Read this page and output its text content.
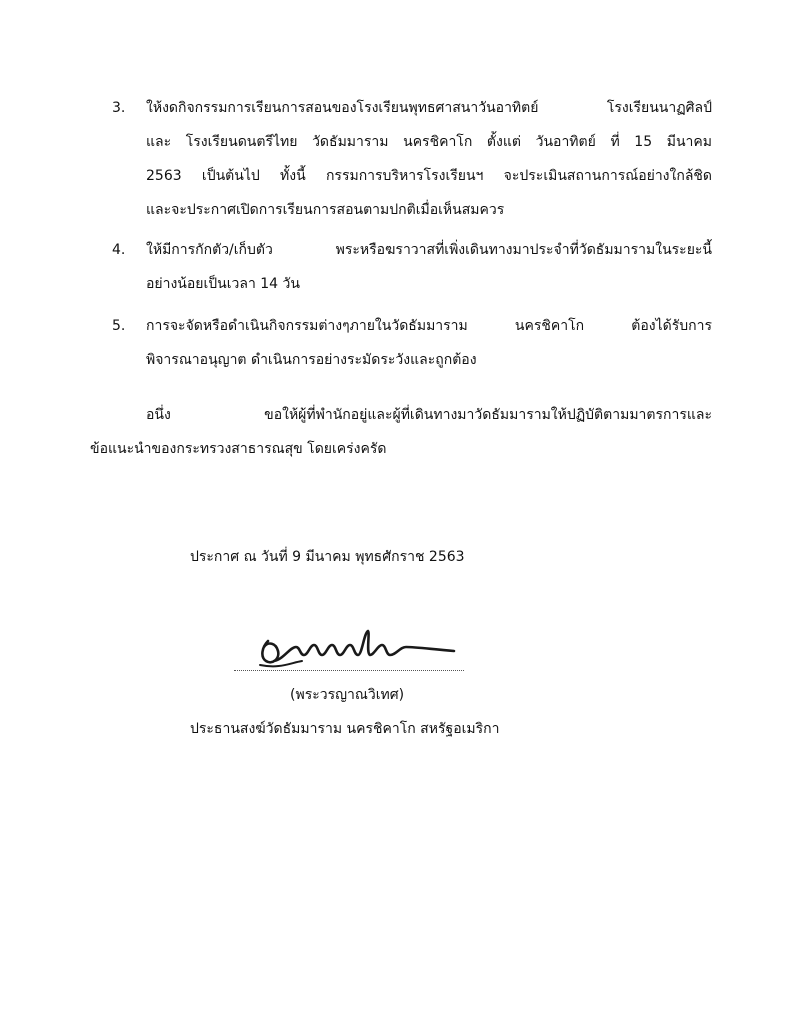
3. ให้งดกิจกรรมการเรียนการสอนของโรงเรียนพุทธศาสนาวันอาทิตย์ โรงเรียนนาฏศิลป์
และ โรงเรียนดนตรีไทย วัดธัมมาราม นครชิคาโก ตั้งแต่ วันอาทิตย์ ที่ 15 มีนาคม
2563 เป็นต้นไป ทั้งนี้ กรรมการบริหารโรงเรียนฯ จะประเมินสถานการณ์อย่างใกล้ชิด
และจะประกาศเปิดการเรียนการสอนตามปกติเมื่อเห็นสมควร
4. ให้มีการกักตัว/เก็บตัว พระหรือฆราวาสที่เพิ่งเดินทางมาประจำที่วัดธัมมารามในระยะนี้
อย่างน้อยเป็นเวลา 14 วัน
5. การจะจัดหรือดำเนินกิจกรรมต่างๆภายในวัดธัมมาราม นครชิคาโก ต้องได้รับการ
พิจารณาอนุญาต ดำเนินการอย่างระมัดระวังและถูกต้อง
อนึ่ง ขอให้ผู้ที่พำนักอยู่และผู้ที่เดินทางมาวัดธัมมารามให้ปฏิบัติตามมาตรการและ
ข้อแนะนำของกระทรวงสาธารณสุข โดยเคร่งครัด
ประกาศ ณ วันที่ 9 มีนาคม พุทธศักราช 2563
(พระวรญาณวิเทศ)
ประธานสงฆ์วัดธัมมาราม นครชิคาโก สหรัฐอเมริกา
